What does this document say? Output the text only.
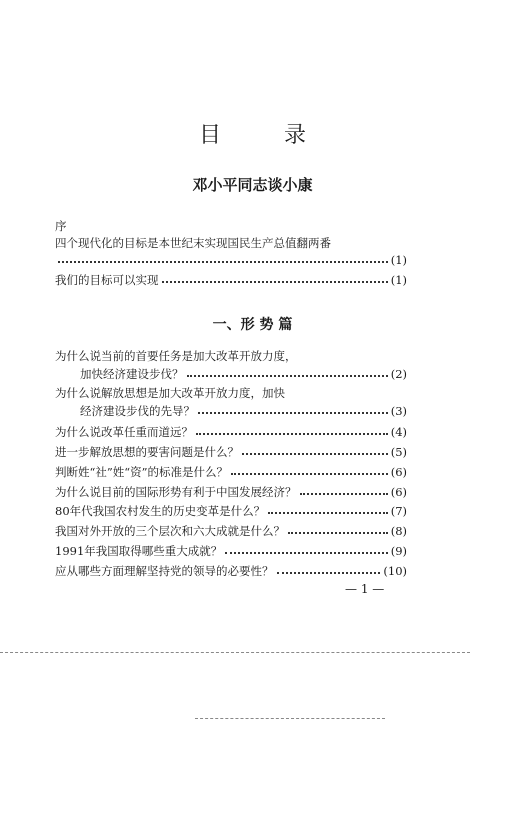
目 录
邓小平同志谈小康
序
四个现代化的目标是本世纪末实现国民生产总值翻两番
(1)
我们的目标可以实现	(1)
一、形 势 篇
为什么说当前的首要任务是加大改革开放力度，
加快经济建设步伐？	(2)
为什么说解放思想是加大改革开放力度，加快
经济建设步伐的先导？	(3)
为什么说改革任重而道远？	(4)
进一步解放思想的要害问题是什么？	(5)
判断姓“社”姓“资”的标准是什么？	(6)
为什么说目前的国际形势有利于中国发展经济？	(6)
80年代我国农村发生的历史变革是什么？	(7)
我国对外开放的三个层次和六大成就是什么？	(8)
1991年我国取得哪些重大成就？	(9)
应从哪些方面理解坚持党的领导的必要性？	(10)
— 1 —
